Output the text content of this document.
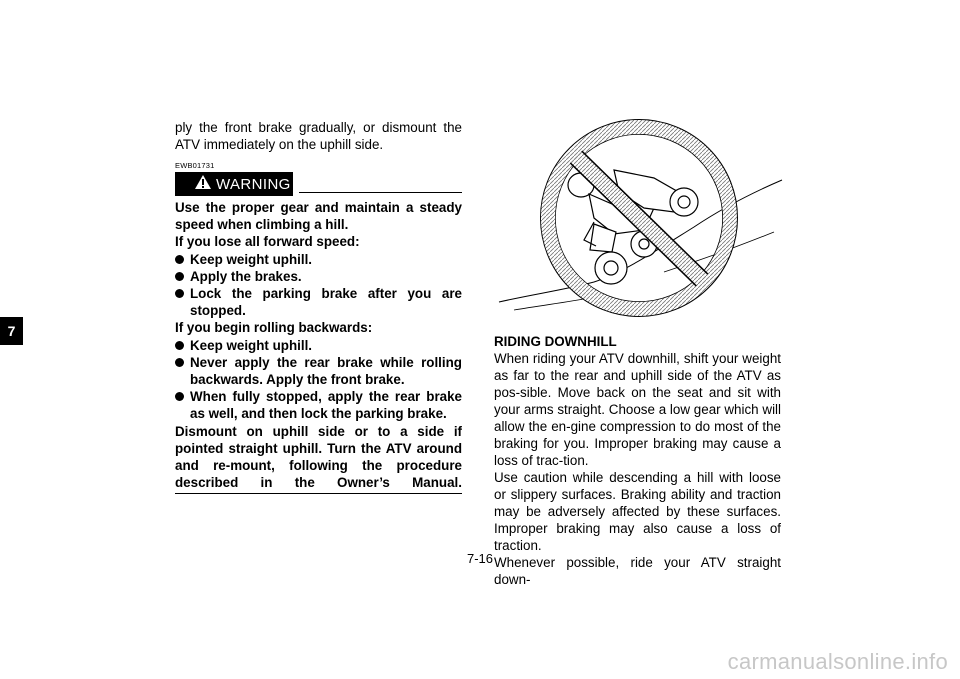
7

ply the front brake gradually, or dismount the ATV immediately on the uphill side.

EWB01731
WARNING

Use the proper gear and maintain a steady speed when climbing a hill.

If you lose all forward speed:

Keep weight uphill.
Apply the brakes.
Lock the parking brake after you are stopped.

If you begin rolling backwards:

Keep weight uphill.
Never apply the rear brake while rolling backwards. Apply the front brake.
When fully stopped, apply the rear brake as well, and then lock the parking brake.

Dismount on uphill side or to a side if pointed straight uphill. Turn the ATV around and re-mount, following the procedure described in the Owner’s Manual.

RIDING DOWNHILL

When riding your ATV downhill, shift your weight as far to the rear and uphill side of the ATV as pos-sible. Move back on the seat and sit with your arms straight. Choose a low gear which will allow the en-gine compression to do most of the braking for you. Improper braking may cause a loss of trac-tion.

Use caution while descending a hill with loose or slippery surfaces. Braking ability and traction may be adversely affected by these surfaces. Improper braking may also cause a loss of traction.

Whenever possible, ride your ATV straight down-

7-16
carmanualsonline.info
